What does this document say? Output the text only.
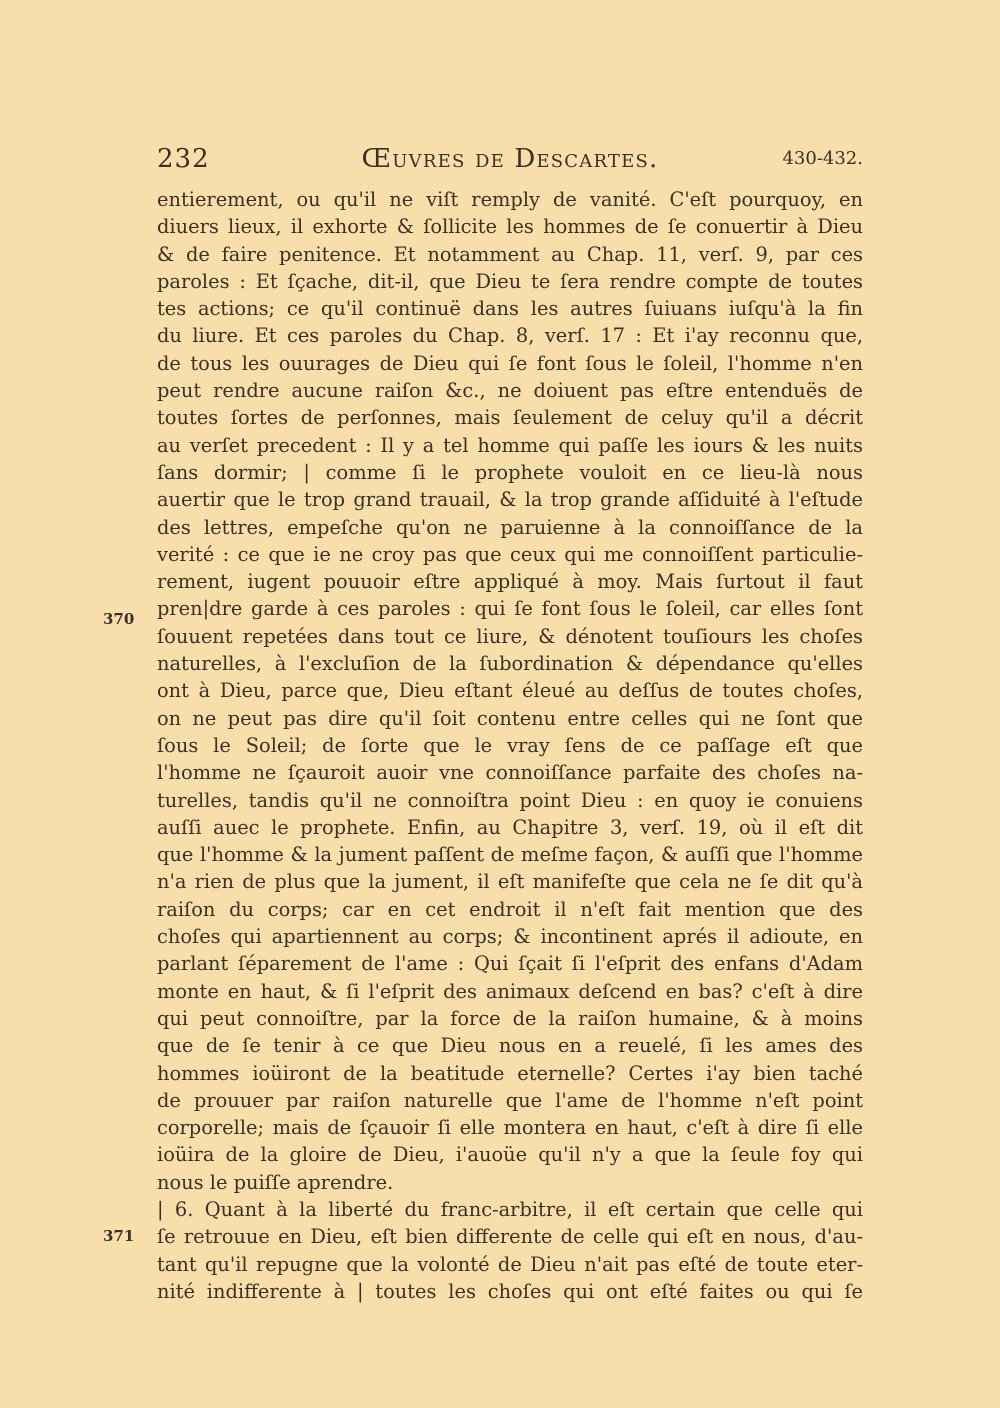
232	Œuvres de Descartes.	430-432.
370
371
entierement, ou qu'il ne viſt remply de vanité. C'eſt pourquoy, en
diuers lieux, il exhorte & ſollicite les hommes de ſe conuertir à Dieu
& de faire penitence. Et notamment au Chap. 11, verſ. 9, par ces
paroles : Et ſçache, dit-il, que Dieu te ſera rendre compte de toutes
tes actions; ce qu'il continuë dans les autres ſuiuans iuſqu'à la fin
du liure. Et ces paroles du Chap. 8, verſ. 17 : Et i'ay reconnu que,
de tous les ouurages de Dieu qui ſe font ſous le ſoleil, l'homme n'en
peut rendre aucune raiſon &c., ne doiuent pas eſtre entenduës de
toutes ſortes de perſonnes, mais ſeulement de celuy qu'il a décrit
au verſet precedent : Il y a tel homme qui paſſe les iours & les nuits
ſans dormir; | comme ſi le prophete vouloit en ce lieu-là nous
auertir que le trop grand trauail, & la trop grande aſſiduité à l'eſtude
des lettres, empeſche qu'on ne paruienne à la connoiſſance de la
verité : ce que ie ne croy pas que ceux qui me connoiſſent particulie-
rement, iugent pouuoir eſtre appliqué à moy. Mais ſurtout il faut
pren|dre garde à ces paroles : qui ſe font ſous le ſoleil, car elles ſont
ſouuent repetées dans tout ce liure, & dénotent touſiours les choſes
naturelles, à l'excluſion de la ſubordination & dépendance qu'elles
ont à Dieu, parce que, Dieu eſtant éleué au deſſus de toutes choſes,
on ne peut pas dire qu'il ſoit contenu entre celles qui ne ſont que
ſous le Soleil; de ſorte que le vray ſens de ce paſſage eſt que
l'homme ne ſçauroit auoir vne connoiſſance parfaite des choſes na-
turelles, tandis qu'il ne connoiſtra point Dieu : en quoy ie conuiens
auſſi auec le prophete. Enfin, au Chapitre 3, verſ. 19, où il eſt dit
que l'homme & la jument paſſent de meſme façon, & auſſi que l'homme
n'a rien de plus que la jument, il eſt manifeſte que cela ne ſe dit qu'à
raiſon du corps; car en cet endroit il n'eſt fait mention que des
choſes qui apartiennent au corps; & incontinent aprés il adioute, en
parlant ſéparement de l'ame : Qui ſçait ſi l'eſprit des enfans d'Adam
monte en haut, & ſi l'eſprit des animaux deſcend en bas? c'eſt à dire
qui peut connoiſtre, par la force de la raiſon humaine, & à moins
que de ſe tenir à ce que Dieu nous en a reuelé, ſi les ames des
hommes ioüiront de la beatitude eternelle? Certes i'ay bien taché
de prouuer par raiſon naturelle que l'ame de l'homme n'eſt point
corporelle; mais de ſçauoir ſi elle montera en haut, c'eſt à dire ſi elle
ioüira de la gloire de Dieu, i'auoüe qu'il n'y a que la ſeule foy qui
nous le puiſſe aprendre.
| 6. Quant à la liberté du franc-arbitre, il eſt certain que celle qui
ſe retrouue en Dieu, eſt bien differente de celle qui eſt en nous, d'au-
tant qu'il repugne que la volonté de Dieu n'ait pas eſté de toute eter-
nité indifferente à | toutes les choſes qui ont eſté faites ou qui ſe
